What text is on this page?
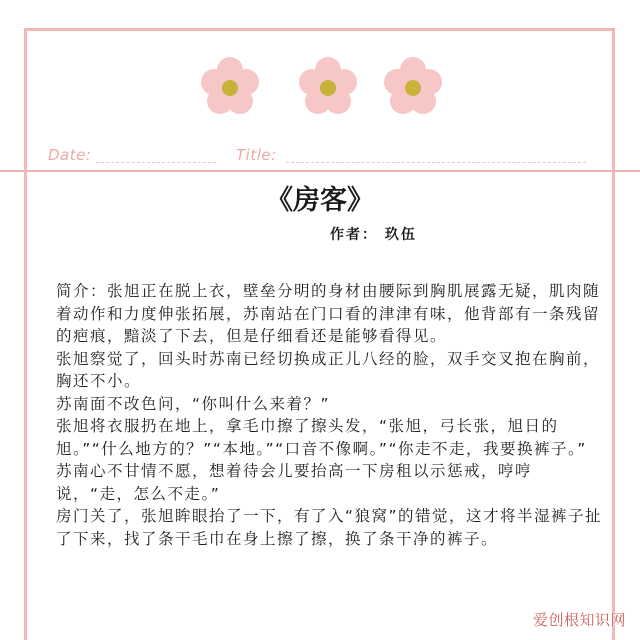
Date:	Title:
《房客》
作者： 玖伍

简介：张旭正在脱上衣，壁垒分明的身材由腰际到胸肌展露无疑，肌肉随着动作和力度伸张拓展，苏南站在门口看的津津有味，他背部有一条残留的疤痕，黯淡了下去，但是仔细看还是能够看得见。

张旭察觉了，回头时苏南已经切换成正儿八经的脸，双手交叉抱在胸前，胸还不小。

苏南面不改色问，“你叫什么来着？”

张旭将衣服扔在地上，拿毛巾擦了擦头发，“张旭，弓长张，旭日的旭。”“什么地方的？”“本地。”“口音不像啊。”“你走不走，我要换裤子。”

苏南心不甘情不愿，想着待会儿要抬高一下房租以示惩戒，哼哼说，“走，怎么不走。”

房门关了，张旭眸眼抬了一下，有了入“狼窝”的错觉，这才将半湿裤子扯了下来，找了条干毛巾在身上擦了擦，换了条干净的裤子。

爱创根知识网
